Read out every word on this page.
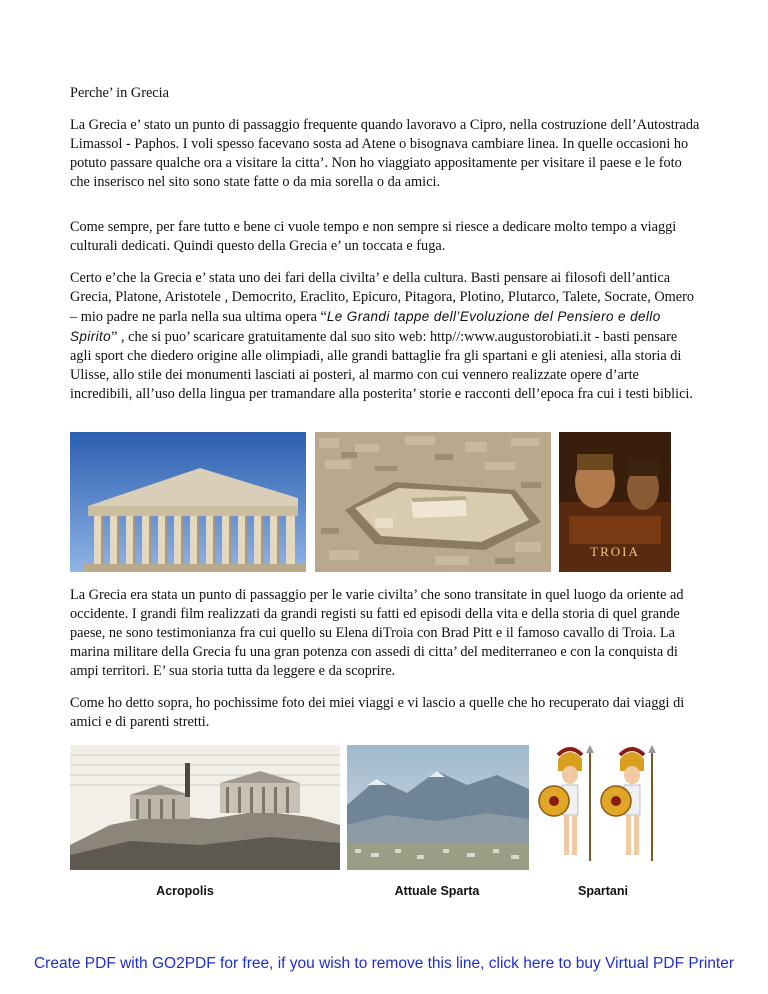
Perche’ in Grecia
La Grecia e’ stato un punto di passaggio frequente quando lavoravo a Cipro, nella costruzione dell’Autostrada Limassol - Paphos. I voli spesso facevano sosta ad Atene o bisognava cambiare linea. In quelle occasioni ho potuto passare qualche ora a visitare la citta’. Non ho viaggiato appositamente per visitare il paese e le foto che inserisco nel sito sono state fatte o da mia sorella o da amici.
Come sempre, per fare tutto e bene ci vuole tempo e non sempre si riesce a dedicare molto tempo a viaggi culturali dedicati. Quindi questo della Grecia e’ un toccata e fuga.
Certo e’che la Grecia e’ stata uno dei fari della civilta’ e della cultura. Basti pensare ai filosofi dell’antica Grecia, Platone, Aristotele , Democrito, Eraclito, Epicuro, Pitagora, Plotino, Plutarco, Talete, Socrate, Omero – mio padre ne parla nella sua ultima opera “Le Grandi tappe dell’Evoluzione del Pensiero e dello Spirito” , che si puo’ scaricare gratuitamente dal suo sito web: http//:www.augustorobiati.it - basti pensare agli sport che diedero origine alle olimpiadi, alle grandi battaglie fra gli spartani e gli ateniesi, alla storia di Ulisse, allo stile dei monumenti lasciati ai posteri, al marmo con cui vennero realizzate opere d’arte incredibili, all’uso della lingua per tramandare alla posterita’ storie e racconti dell’epoca fra cui i testi biblici.
TROIA
La Grecia era stata un punto di passaggio per le varie civilta’ che sono transitate in quel luogo da oriente ad occidente. I grandi film realizzati da grandi registi su fatti ed episodi della vita e della storia di quel grande paese, ne sono testimonianza fra cui quello su Elena diTroia con Brad Pitt e il famoso cavallo di Troia. La marina militare della Grecia fu una gran potenza con assedi di citta’ del mediterraneo e con la conquista di ampi territori. E’ sua storia tutta da leggere e da scoprire.
Come ho detto sopra, ho pochissime foto dei miei viaggi e vi lascio a quelle che ho recuperato dai viaggi di amici e di parenti stretti.
Acropolis	Attuale Sparta	Spartani
Create PDF with GO2PDF for free, if you wish to remove this line, click here to buy Virtual PDF Printer
